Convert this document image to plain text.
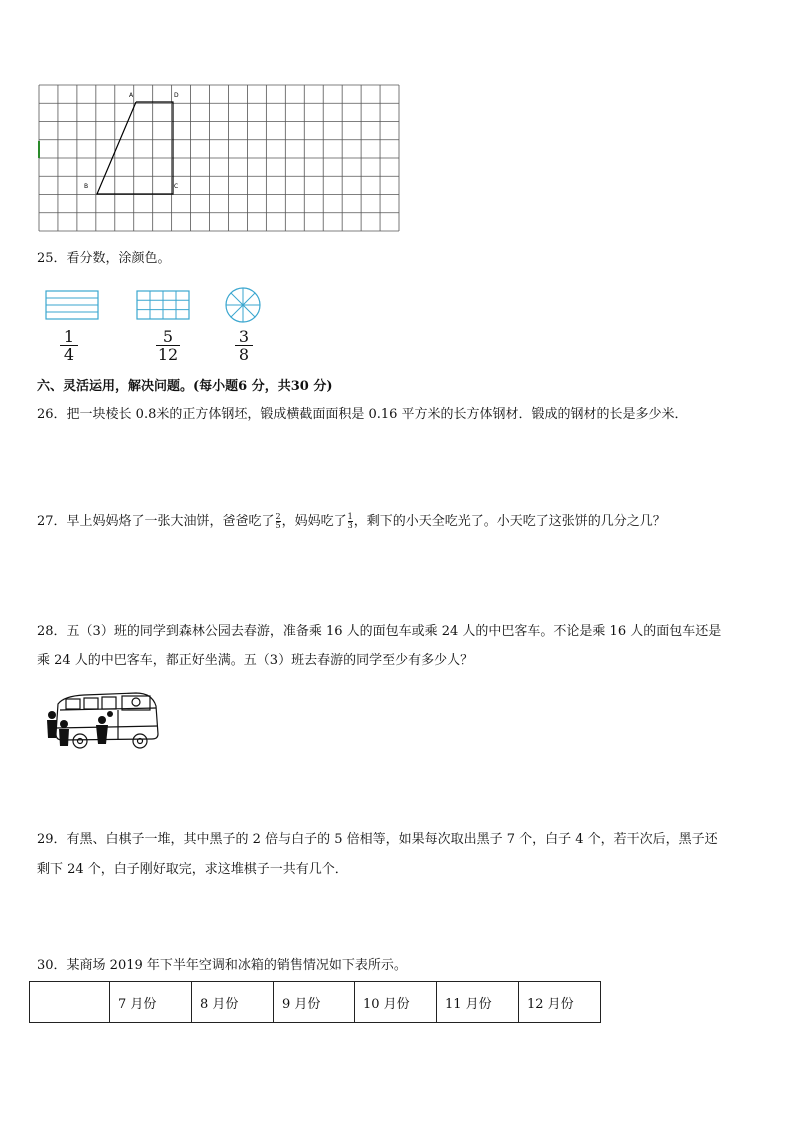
A	D
B	C
25．看分数，涂颜色。
1
4
5
12
3
8
六、灵活运用，解决问题。(每小题6 分，共30 分)
26．把一块棱长 0.8米的正方体钢坯，锻成横截面面积是 0.16 平方米的长方体钢材．锻成的钢材的长是多少米．
27．早上妈妈烙了一张大油饼，爸爸吃了 $\frac{2}{5}$ ，妈妈吃了 $\frac{1}{3}$ ，剩下的小天全吃光了。小天吃了这张饼的几分之几？
28．五（3）班的同学到森林公园去春游，准备乘 16 人的面包车或乘 24 人的中巴客车。不论是乘 16 人的面包车还是
乘 24 人的中巴客车，都正好坐满。五（3）班去春游的同学至少有多少人？
29．有黑、白棋子一堆，其中黑子的 2 倍与白子的 5 倍相等，如果每次取出黑子 7 个，白子 4 个，若干次后，黑子还
剩下 24 个，白子刚好取完，求这堆棋子一共有几个．
30．某商场 2019 年下半年空调和冰箱的销售情况如下表所示。
	7 月份	8 月份	9 月份	10 月份	11 月份	12 月份
